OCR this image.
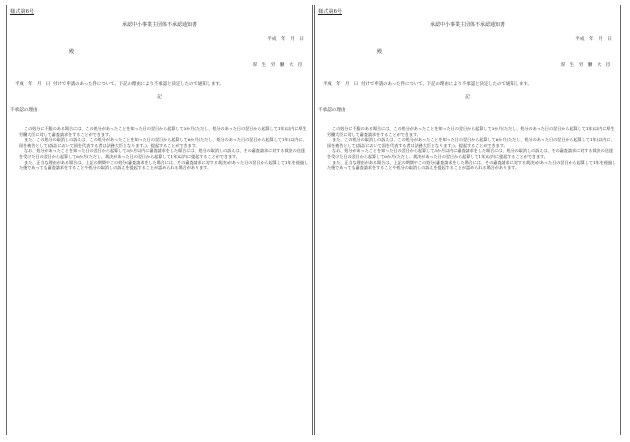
様式第6号
承認中小事業主団体不承認通知書
平成　年　月　日
殿
厚 生 労 働 大 臣
平成　年　月　日 付けで申請のあった件について、下記の理由により不承認と決定したので通知します。
記
不承認の理由

この処分に不服のある場合には、この処分があったことを知った日の翌日から起算して3か月(ただし、処分のあった日の翌日から起算して1年)以内に厚生労働大臣に対して審査請求をすることができます。

また、この処分の取消しの訴えは、この処分があったことを知った日の翌日から起算して6か月(ただし、処分のあった日の翌日から起算して1年)以内に、国を被告として(訴訟において国を代表する者は法務大臣となります。)、提起することができます。

なお、処分があったことを知った日の翌日から起算して3か月以内に審査請求をした場合には、処分の取消しの訴えは、その審査請求に対する裁決の送達を受けた日の翌日から起算して6か月(ただし、裁決があった日の翌日から起算して1年)以内に提起することができます。

また、正当な理由がある場合は、上記の期間やこの処分(審査請求をした場合には、その審査請求に対する裁決)があった日の翌日から起算して1年を経過した後であっても審査請求をすることや処分の取消しの訴えを提起することが認められる場合があります。

様式第6号
承認中小事業主団体不承認通知書
平成　年　月　日
殿
厚 生 労 働 大 臣
平成　年　月　日 付けで申請のあった件について、下記の理由により不承認と決定したので通知します。
記
不承認の理由

この処分に不服のある場合には、この処分があったことを知った日の翌日から起算して3か月(ただし、処分のあった日の翌日から起算して1年)以内に厚生労働大臣に対して審査請求をすることができます。

また、この処分の取消しの訴えは、この処分があったことを知った日の翌日から起算して6か月(ただし、処分のあった日の翌日から起算して1年)以内に、国を被告として(訴訟において国を代表する者は法務大臣となります。)、提起することができます。

なお、処分があったことを知った日の翌日から起算して3か月以内に審査請求をした場合には、処分の取消しの訴えは、その審査請求に対する裁決の送達を受けた日の翌日から起算して6か月(ただし、裁決があった日の翌日から起算して1年)以内に提起することができます。

また、正当な理由がある場合は、上記の期間やこの処分(審査請求をした場合には、その審査請求に対する裁決)があった日の翌日から起算して1年を経過した後であっても審査請求をすることや処分の取消しの訴えを提起することが認められる場合があります。
